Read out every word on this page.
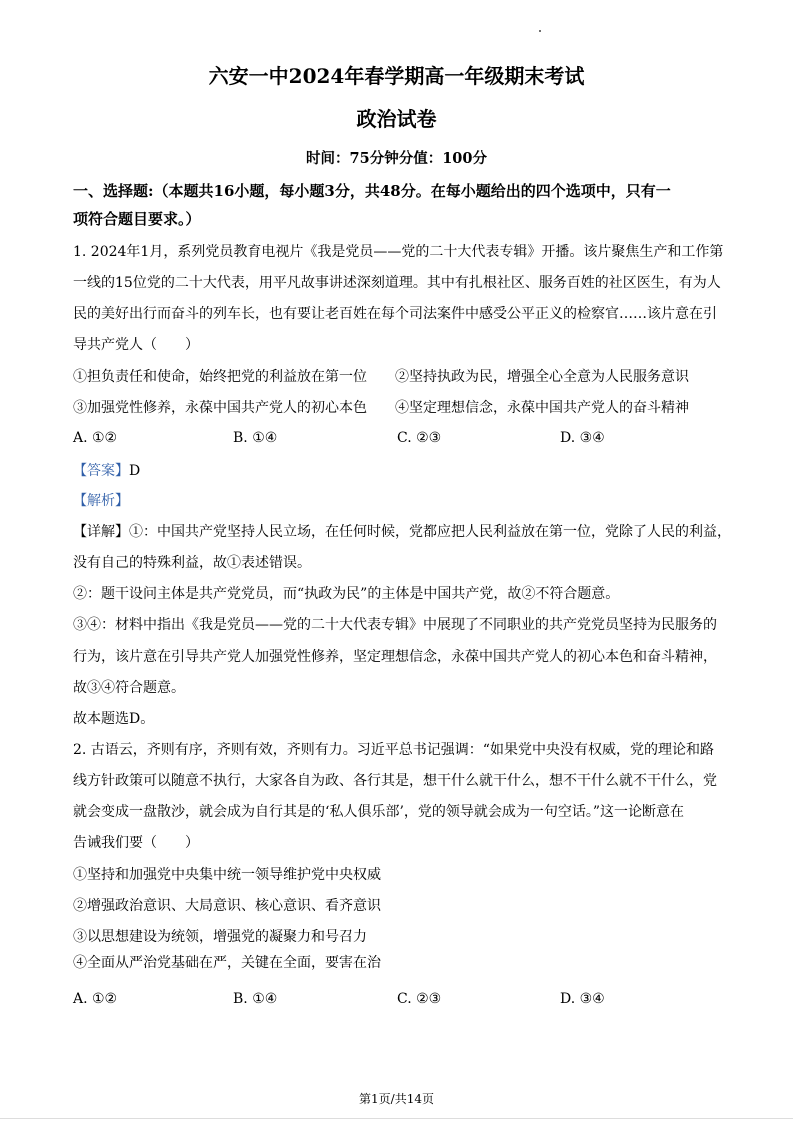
六安一中2024年春学期高一年级期末考试
政治试卷
时间：75分钟分值：100分
一、选择题:（本题共16小题，每小题3分，共48分。在每小题给出的四个选项中，只有一
项符合题目要求。）
1. 2024年1月，系列党员教育电视片《我是党员——党的二十大代表专辑》开播。该片聚焦生产和工作第
一线的15位党的二十大代表，用平凡故事讲述深刻道理。其中有扎根社区、服务百姓的社区医生，有为人
民的美好出行而奋斗的列车长，也有要让老百姓在每个司法案件中感受公平正义的检察官……该片意在引
导共产党人（　　）
①担负责任和使命，始终把党的利益放在第一位 ②坚持执政为民，增强全心全意为人民服务意识
③加强党性修养，永葆中国共产党人的初心本色 ④坚定理想信念，永葆中国共产党人的奋斗精神
A. ①②	B. ①④	C. ②③	D. ③④
【答案】D
【解析】
【详解】①：中国共产党坚持人民立场，在任何时候，党都应把人民利益放在第一位，党除了人民的利益，
没有自己的特殊利益，故①表述错误。
②：题干设问主体是共产党党员，而“执政为民”的主体是中国共产党，故②不符合题意。
③④：材料中指出《我是党员——党的二十大代表专辑》中展现了不同职业的共产党党员坚持为民服务的
行为，该片意在引导共产党人加强党性修养，坚定理想信念，永葆中国共产党人的初心本色和奋斗精神，
故③④符合题意。
故本题选D。
2. 古语云，齐则有序，齐则有效，齐则有力。习近平总书记强调：“如果党中央没有权威，党的理论和路
线方针政策可以随意不执行，大家各自为政、各行其是，想干什么就干什么，想不干什么就不干什么，党
就会变成一盘散沙，就会成为自行其是的‘私人俱乐部’，党的领导就会成为一句空话。”这一论断意在
告诫我们要（　　）
①坚持和加强党中央集中统一领导维护党中央权威
②增强政治意识、大局意识、核心意识、看齐意识
③以思想建设为统领，增强党的凝聚力和号召力
④全面从严治党基础在严，关键在全面，要害在治
A. ①②	B. ①④	C. ②③	D. ③④
第1页/共14页
